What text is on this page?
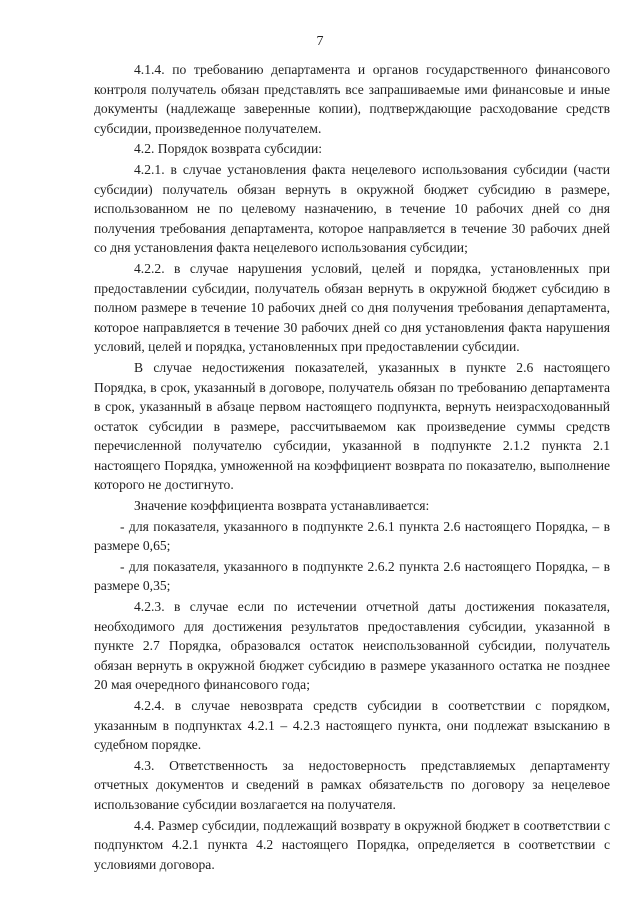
7

4.1.4. по требованию департамента и органов государственного финансового контроля получатель обязан представлять все запрашиваемые ими финансовые и иные документы (надлежаще заверенные копии), подтверждающие расходование средств субсидии, произведенное получателем.

4.2. Порядок возврата субсидии:

4.2.1. в случае установления факта нецелевого использования субсидии (части субсидии) получатель обязан вернуть в окружной бюджет субсидию в размере, использованном не по целевому назначению, в течение 10 рабочих дней со дня получения требования департамента, которое направляется в течение 30 рабочих дней со дня установления факта нецелевого использования субсидии;

4.2.2. в случае нарушения условий, целей и порядка, установленных при предоставлении субсидии, получатель обязан вернуть в окружной бюджет субсидию в полном размере в течение 10 рабочих дней со дня получения требования департамента, которое направляется в течение 30 рабочих дней со дня установления факта нарушения условий, целей и порядка, установленных при предоставлении субсидии.

В случае недостижения показателей, указанных в пункте 2.6 настоящего Порядка, в срок, указанный в договоре, получатель обязан по требованию департамента в срок, указанный в абзаце первом настоящего подпункта, вернуть неизрасходованный остаток субсидии в размере, рассчитываемом как произведение суммы средств перечисленной получателю субсидии, указанной в подпункте 2.1.2 пункта 2.1 настоящего Порядка, умноженной на коэффициент возврата по показателю, выполнение которого не достигнуто.

Значение коэффициента возврата устанавливается:

- для показателя, указанного в подпункте 2.6.1 пункта 2.6 настоящего Порядка, – в размере 0,65;

- для показателя, указанного в подпункте 2.6.2 пункта 2.6 настоящего Порядка, – в размере 0,35;

4.2.3. в случае если по истечении отчетной даты достижения показателя, необходимого для достижения результатов предоставления субсидии, указанной в пункте 2.7 Порядка, образовался остаток неиспользованной субсидии, получатель обязан вернуть в окружной бюджет субсидию в размере указанного остатка не позднее 20 мая очередного финансового года;

4.2.4. в случае невозврата средств субсидии в соответствии с порядком, указанным в подпунктах 4.2.1 – 4.2.3 настоящего пункта, они подлежат взысканию в судебном порядке.

4.3. Ответственность за недостоверность представляемых департаменту отчетных документов и сведений в рамках обязательств по договору за нецелевое использование субсидии возлагается на получателя.

4.4. Размер субсидии, подлежащий возврату в окружной бюджет в соответствии с подпунктом 4.2.1 пункта 4.2 настоящего Порядка, определяется в соответствии с условиями договора.
